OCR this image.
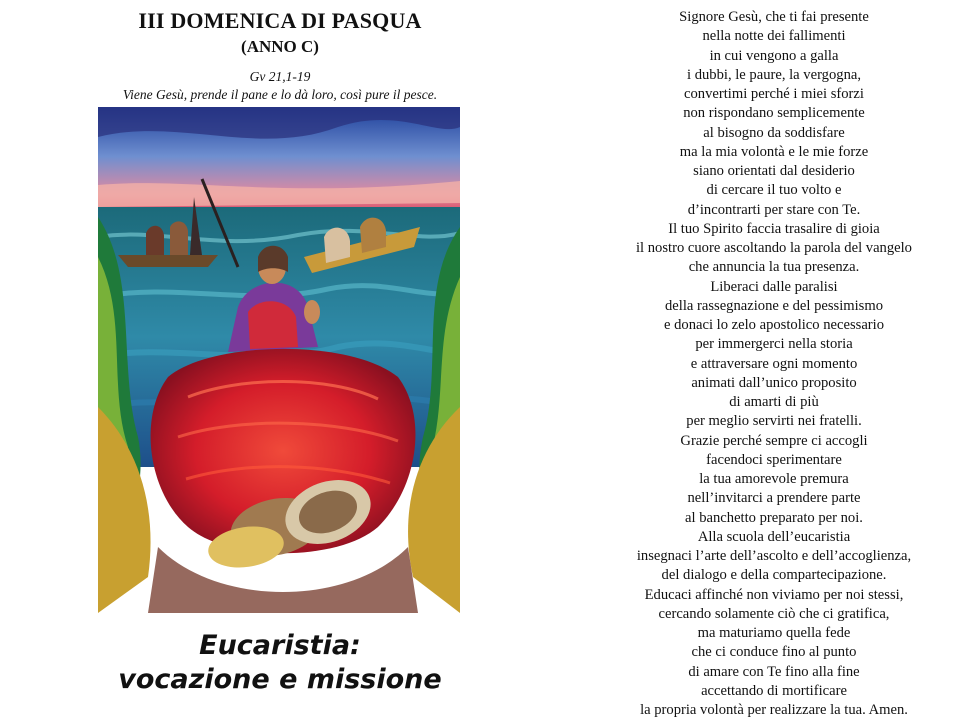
III DOMENICA DI PASQUA
(ANNO C)
Gv 21,1-19
Viene Gesù, prende il pane e lo dà loro, così pure il pesce.
Eucaristia:
vocazione e missione
Signore Gesù, che ti fai presente
nella notte dei fallimenti
in cui vengono a galla
i dubbi, le paure, la vergogna,
convertimi perché i miei sforzi
non rispondano semplicemente
al bisogno da soddisfare
ma la mia volontà e le mie forze
siano orientati dal desiderio
di cercare il tuo volto e
d’incontrarti per stare con Te.
Il tuo Spirito faccia trasalire di gioia
il nostro cuore ascoltando la parola del vangelo
che annuncia la tua presenza.
Liberaci dalle paralisi
della rassegnazione e del pessimismo
e donaci lo zelo apostolico necessario
per immergerci nella storia
e attraversare ogni momento
animati dall’unico proposito
di amarti di più
per meglio servirti nei fratelli.
Grazie perché sempre ci accogli
facendoci sperimentare
la tua amorevole premura
nell’invitarci a prendere parte
al banchetto preparato per noi.
Alla scuola dell’eucaristia
insegnaci l’arte dell’ascolto e dell’accoglienza,
del dialogo e della compartecipazione.
Educaci affinché non viviamo per noi stessi,
cercando solamente ciò che ci gratifica,
ma maturiamo quella fede
che ci conduce fino al punto
di amare con Te fino alla fine
accettando di mortificare
la propria volontà per realizzare la tua. Amen.
